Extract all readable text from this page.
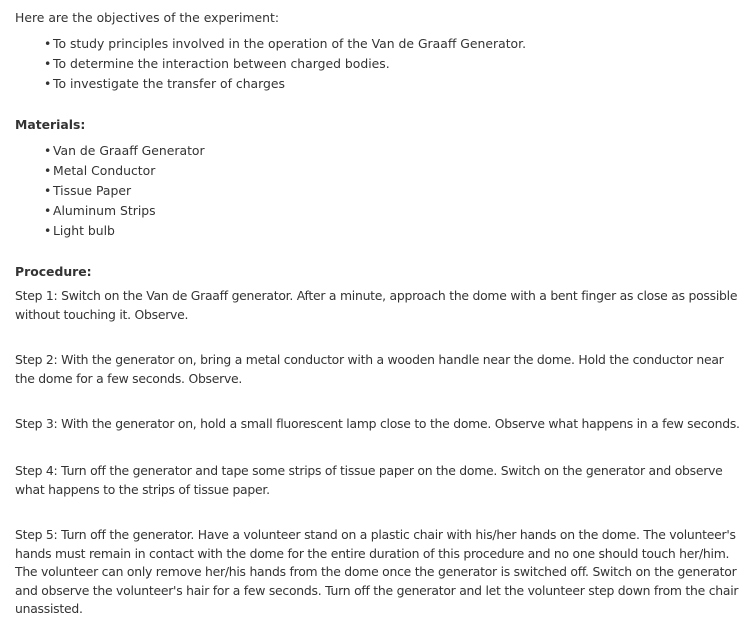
Here are the objectives of the experiment:

• To study principles involved in the operation of the Van de Graaff Generator.
• To determine the interaction between charged bodies.
• To investigate the transfer of charges

Materials:

• Van de Graaff Generator
• Metal Conductor
• Tissue Paper
• Aluminum Strips
• Light bulb

Procedure:

Step 1: Switch on the Van de Graaff generator. After a minute, approach the dome with a bent finger as close as possible without touching it. Observe.

Step 2: With the generator on, bring a metal conductor with a wooden handle near the dome. Hold the conductor near the dome for a few seconds. Observe.

Step 3: With the generator on, hold a small fluorescent lamp close to the dome. Observe what happens in a few seconds.

Step 4: Turn off the generator and tape some strips of tissue paper on the dome. Switch on the generator and observe what happens to the strips of tissue paper.

Step 5: Turn off the generator. Have a volunteer stand on a plastic chair with his/her hands on the dome. The volunteer's hands must remain in contact with the dome for the entire duration of this procedure and no one should touch her/him. The volunteer can only remove her/his hands from the dome once the generator is switched off. Switch on the generator and observe the volunteer's hair for a few seconds. Turn off the generator and let the volunteer step down from the chair unassisted.
